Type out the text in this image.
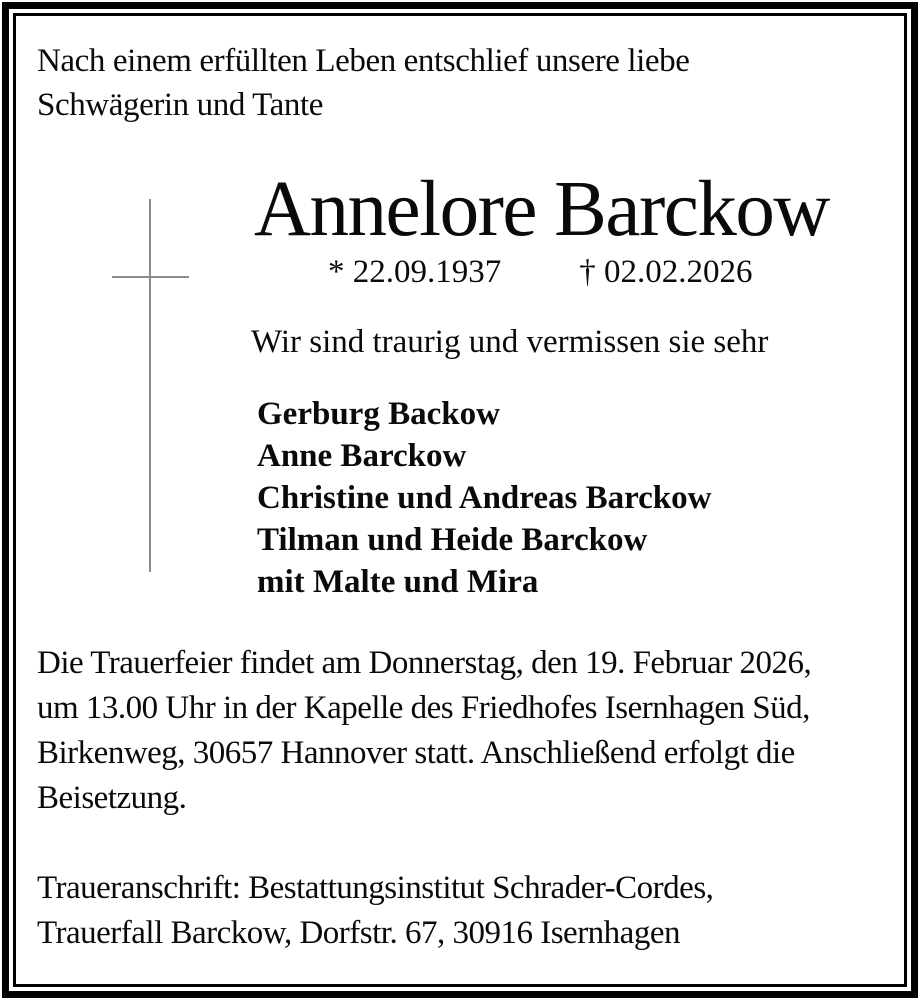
Nach einem erfüllten Leben entschlief unsere liebe
Schwägerin und Tante
Annelore Barckow
* 22.09.1937 † 02.02.2026
Wir sind traurig und vermissen sie sehr
Gerburg Backow
Anne Barckow
Christine und Andreas Barckow
Tilman und Heide Barckow
mit Malte und Mira
Die Trauerfeier findet am Donnerstag, den 19. Februar 2026,
um 13.00 Uhr in der Kapelle des Friedhofes Isernhagen Süd,
Birkenweg, 30657 Hannover statt. Anschließend erfolgt die
Beisetzung.
Traueranschrift: Bestattungsinstitut Schrader-Cordes,
Trauerfall Barckow, Dorfstr. 67, 30916 Isernhagen
